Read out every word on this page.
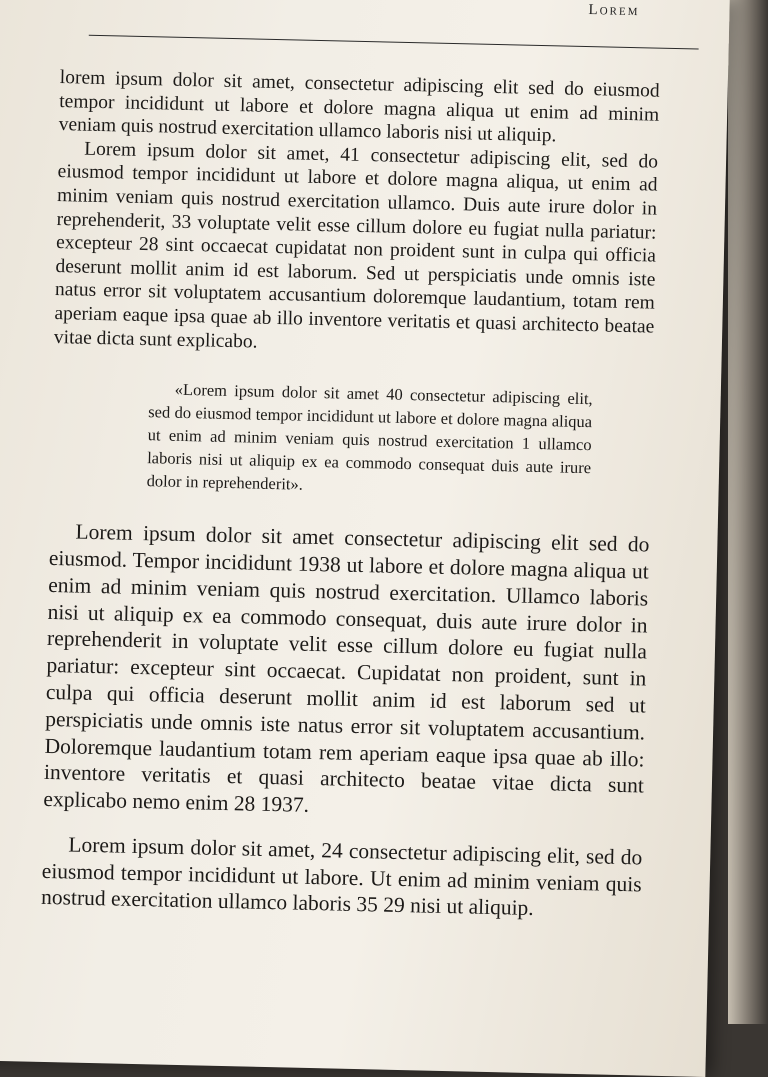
Lorem

lorem ipsum dolor sit amet, consectetur adipiscing elit sed do eiusmod tempor incididunt ut labore et dolore magna aliqua ut enim ad minim veniam quis nostrud exercitation ullamco laboris nisi ut aliquip.

Lorem ipsum dolor sit amet, 41 consectetur adipiscing elit, sed do eiusmod tempor incididunt ut labore et dolore magna aliqua, ut enim ad minim veniam quis nostrud exercitation ullamco. Duis aute irure dolor in reprehenderit, 33 voluptate velit esse cillum dolore eu fugiat nulla pariatur: excepteur 28 sint occaecat cupidatat non proident sunt in culpa qui officia deserunt mollit anim id est laborum. Sed ut perspiciatis unde omnis iste natus error sit voluptatem accusantium doloremque laudantium, totam rem aperiam eaque ipsa quae ab illo inventore veritatis et quasi architecto beatae vitae dicta sunt explicabo.

«Lorem ipsum dolor sit amet 40 consectetur adipiscing elit, sed do eiusmod tempor incididunt ut labore et dolore magna aliqua ut enim ad minim veniam quis nostrud exercitation 1 ullamco laboris nisi ut aliquip ex ea commodo consequat duis aute irure dolor in reprehenderit».

Lorem ipsum dolor sit amet consectetur adipiscing elit sed do eiusmod. Tempor incididunt 1938 ut labore et dolore magna aliqua ut enim ad minim veniam quis nostrud exercitation. Ullamco laboris nisi ut aliquip ex ea commodo consequat, duis aute irure dolor in reprehenderit in voluptate velit esse cillum dolore eu fugiat nulla pariatur: excepteur sint occaecat. Cupidatat non proident, sunt in culpa qui officia deserunt mollit anim id est laborum sed ut perspiciatis unde omnis iste natus error sit voluptatem accusantium. Doloremque laudantium totam rem aperiam eaque ipsa quae ab illo: inventore veritatis et quasi architecto beatae vitae dicta sunt explicabo nemo enim 28 1937.

Lorem ipsum dolor sit amet, 24 consectetur adipiscing elit, sed do eiusmod tempor incididunt ut labore. Ut enim ad minim veniam quis nostrud exercitation ullamco laboris 35 29 nisi ut aliquip.
